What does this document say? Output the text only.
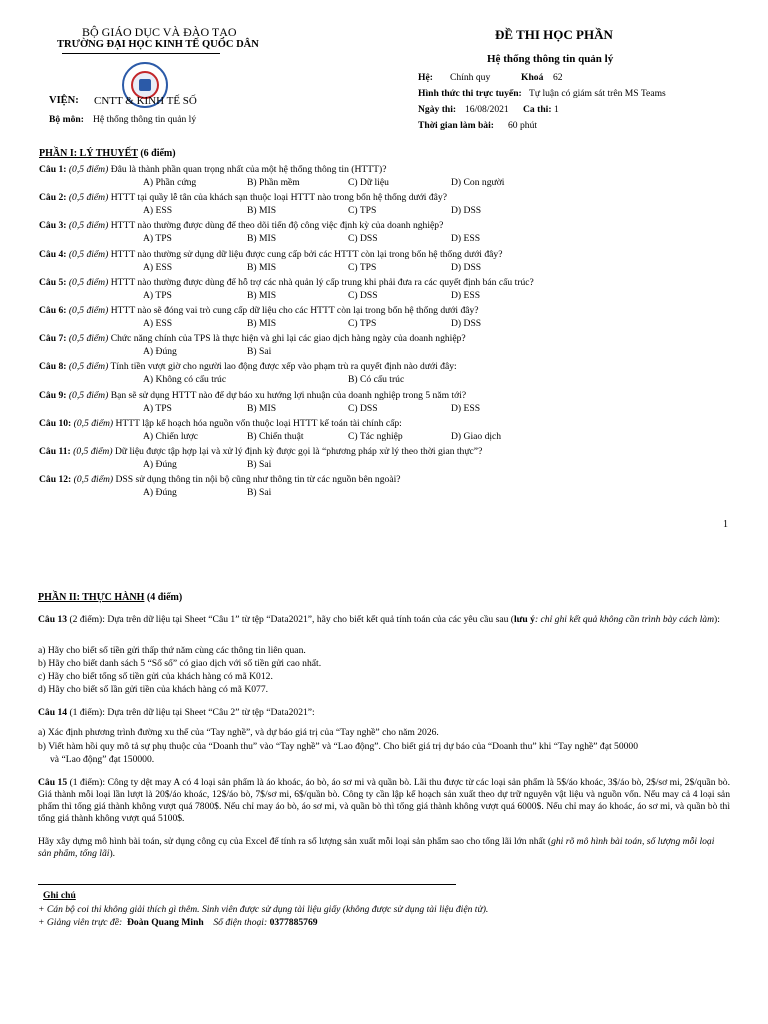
BỘ GIÁO DỤC VÀ ĐÀO TẠO
TRƯỜNG ĐẠI HỌC KINH TẾ QUỐC DÂN
VIỆN: CNTT & KINH TẾ SỐ
Bộ môn: Hệ thống thông tin quản lý
ĐỀ THI HỌC PHẦN
Hệ thống thông tin quản lý
Hệ: Chính quy	Khoá 62
Hình thức thi trực tuyến: Tự luận có giám sát trên MS Teams
Ngày thi: 16/08/2021 Ca thi: 1
Thời gian làm bài: 60 phút
PHẦN I: LÝ THUYẾT (6 điểm)
Câu 1: (0,5 điểm) Đâu là thành phần quan trọng nhất của một hệ thống thông tin (HTTT)?
A) Phần cứng	B) Phần mềm	C) Dữ liệu	D) Con người
Câu 2: (0,5 điểm) HTTT tại quầy lễ tân của khách sạn thuộc loại HTTT nào trong bốn hệ thống dưới đây?
A) ESS	B) MIS	C) TPS	D) DSS
Câu 3: (0,5 điểm) HTTT nào thường được dùng để theo dõi tiến độ công việc định kỳ của doanh nghiệp?
A) TPS	B) MIS	C) DSS	D) ESS
Câu 4: (0,5 điểm) HTTT nào thường sử dụng dữ liệu được cung cấp bởi các HTTT còn lại trong bốn hệ thống dưới đây?
A) ESS	B) MIS	C) TPS	D) DSS
Câu 5: (0,5 điểm) HTTT nào thường được dùng để hỗ trợ các nhà quản lý cấp trung khi phải đưa ra các quyết định bán cấu trúc?
A) TPS	B) MIS	C) DSS	D) ESS
Câu 6: (0,5 điểm) HTTT nào sẽ đóng vai trò cung cấp dữ liệu cho các HTTT còn lại trong bốn hệ thống dưới đây?
A) ESS	B) MIS	C) TPS	D) DSS
Câu 7: (0,5 điểm) Chức năng chính của TPS là thực hiện và ghi lại các giao dịch hàng ngày của doanh nghiệp?
A) Đúng	B) Sai
Câu 8: (0,5 điểm) Tính tiền vượt giờ cho người lao động được xếp vào phạm trù ra quyết định nào dưới đây:
A) Không có cấu trúc	B) Có cấu trúc
Câu 9: (0,5 điểm) Bạn sẽ sử dụng HTTT nào để dự báo xu hướng lợi nhuận của doanh nghiệp trong 5 năm tới?
A) TPS	B) MIS	C) DSS	D) ESS
Câu 10: (0,5 điểm) HTTT lập kế hoạch hóa nguồn vốn thuộc loại HTTT kế toán tài chính cấp:
A) Chiến lược	B) Chiến thuật	C) Tác nghiệp	D) Giao dịch
Câu 11: (0,5 điểm) Dữ liệu được tập hợp lại và xử lý định kỳ được gọi là “phương pháp xử lý theo thời gian thực”?
A) Đúng	B) Sai
Câu 12: (0,5 điểm) DSS sử dụng thông tin nội bộ cũng như thông tin từ các nguồn bên ngoài?
A) Đúng	B) Sai
1
PHẦN II: THỰC HÀNH (4 điểm)
Câu 13 (2 điểm): Dựa trên dữ liệu tại Sheet “Câu 1” từ tệp “Data2021”, hãy cho biết kết quả tính toán của các yêu cầu sau (lưu ý: chỉ ghi kết quả không cần trình bày cách làm):
a) Hãy cho biết số tiền gửi thấp thứ năm cùng các thông tin liên quan.
b) Hãy cho biết danh sách 5 “Sổ sổ” có giao dịch với số tiền gửi cao nhất.
c) Hãy cho biết tổng số tiền gửi của khách hàng có mã K012.
d) Hãy cho biết số lần gửi tiền của khách hàng có mã K077.
Câu 14 (1 điểm): Dựa trên dữ liệu tại Sheet “Câu 2” từ tệp “Data2021”:
a) Xác định phương trình đường xu thế của “Tay nghề”, và dự báo giá trị của “Tay nghề” cho năm 2026.
b) Viết hàm hồi quy mô tả sự phụ thuộc của “Doanh thu” vào “Tay nghề” và “Lao động”. Cho biết giá trị dự báo của “Doanh thu” khi “Tay nghề” đạt 50000
và “Lao động” đạt 150000.
Câu 15 (1 điểm): Công ty dệt may A có 4 loại sản phẩm là áo khoác, áo bò, áo sơ mi và quần bò. Lãi thu được từ các loại sản phẩm là 5$/áo khoác, 3$/áo bò, 2$/sơ mi, 2$/quần bò. Giá thành mỗi loại lần lượt là 20$/áo khoác, 12$/áo bò, 7$/sơ mi, 6$/quần bò. Công ty cần lập kế hoạch sản xuất theo dự trữ nguyên vật liệu và nguồn vốn. Nếu may cả 4 loại sản phẩm thì tổng giá thành không vượt quá 7800$. Nếu chỉ may áo bò, áo sơ mi, và quần bò thì tổng giá thành không vượt quá 6000$. Nếu chỉ may áo khoác, áo sơ mi, và quần bò thì tổng giá thành không vượt quá 5100$.
Hãy xây dựng mô hình bài toán, sử dụng công cụ của Excel để tính ra số lượng sản xuất mỗi loại sản phẩm sao cho tổng lãi lớn nhất (ghi rõ mô hình bài toán, số lượng mỗi loại sản phẩm, tổng lãi).
Ghi chú
+ Cán bộ coi thi không giải thích gì thêm. Sinh viên được sử dụng tài liệu giấy (không được sử dụng tài liệu điện tử).
+ Giảng viên trực đề: Đoàn Quang Minh Số điện thoại: 0377885769
